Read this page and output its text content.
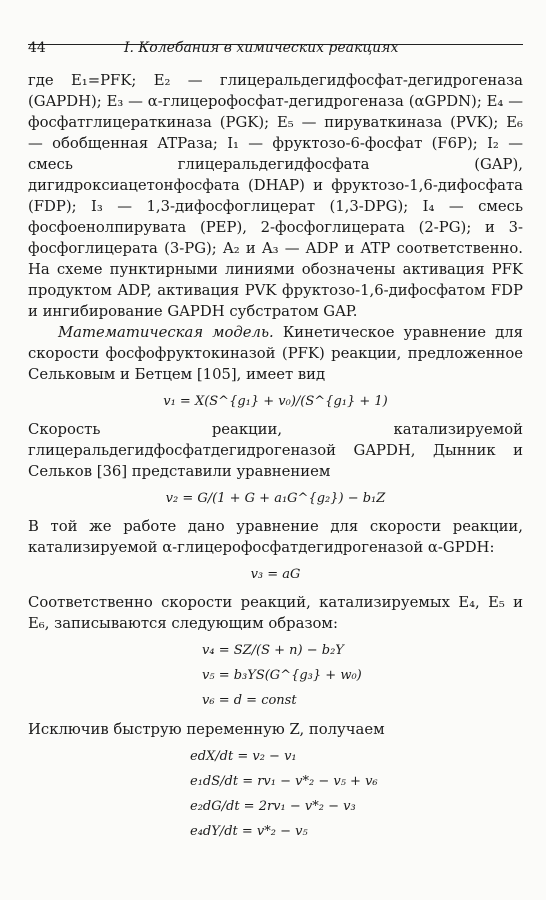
44	I. Колебания в химических реакциях

где E₁=PFK; E₂ — глицеральдегидфосфат-дегидрогеназа (GAPDH); E₃ — α-глицерофосфат-дегидрогеназа (αGPDN); E₄ — фосфатглицераткиназа (PGK); E₅ — пируваткиназа (PVK); E₆ — обобщенная ATPаза; I₁ — фруктозо-6-фосфат (F6P); I₂ — смесь глицеральдегидфосфата (GAP), дигидроксиацетонфосфата (DHAP) и фруктозо-1,6-дифосфата (FDP); I₃ — 1,3-дифосфоглицерат (1,3-DPG); I₄ — смесь фосфоенолпирувата (PEP), 2-фосфоглицерата (2-PG); и 3-фосфоглицерата (3-PG); A₂ и A₃ — ADP и ATP соответственно. На схеме пунктирными линиями обозначены активация PFK продуктом ADP, активация PVK фруктозо-1,6-дифосфатом FDP и ингибирование GAPDH субстратом GAP.

Математическая модель. Кинетическое уравнение для скорости фосфофруктокиназой (PFK) реакции, предложенное Сельковым и Бетцем [105], имеет вид

v₁ = X(S^{g₁} + v₀)/(S^{g₁} + 1)

Скорость реакции, катализируемой глицеральдегидфосфатдегидрогеназой GAPDH, Дынник и Сельков [36] представили уравнением

v₂ = G/(1 + G + a₁G^{g₂}) − b₁Z

В той же работе дано уравнение для скорости реакции, катализируемой α-глицерофосфатдегидрогеназой α-GPDH:

v₃ = aG

Соответственно скорости реакций, катализируемых E₄, E₅ и E₆, записываются следующим образом:

v₄ = SZ/(S + n) − b₂Y
v₅ = b₃YS(G^{g₃} + w₀)
v₆ = d = const

Исключив быструю переменную Z, получаем

edX/dt = v₂ − v₁
e₁dS/dt = rv₁ − v*₂ − v₅ + v₆
e₂dG/dt = 2rv₁ − v*₂ − v₃
e₄dY/dt = v*₂ − v₅
